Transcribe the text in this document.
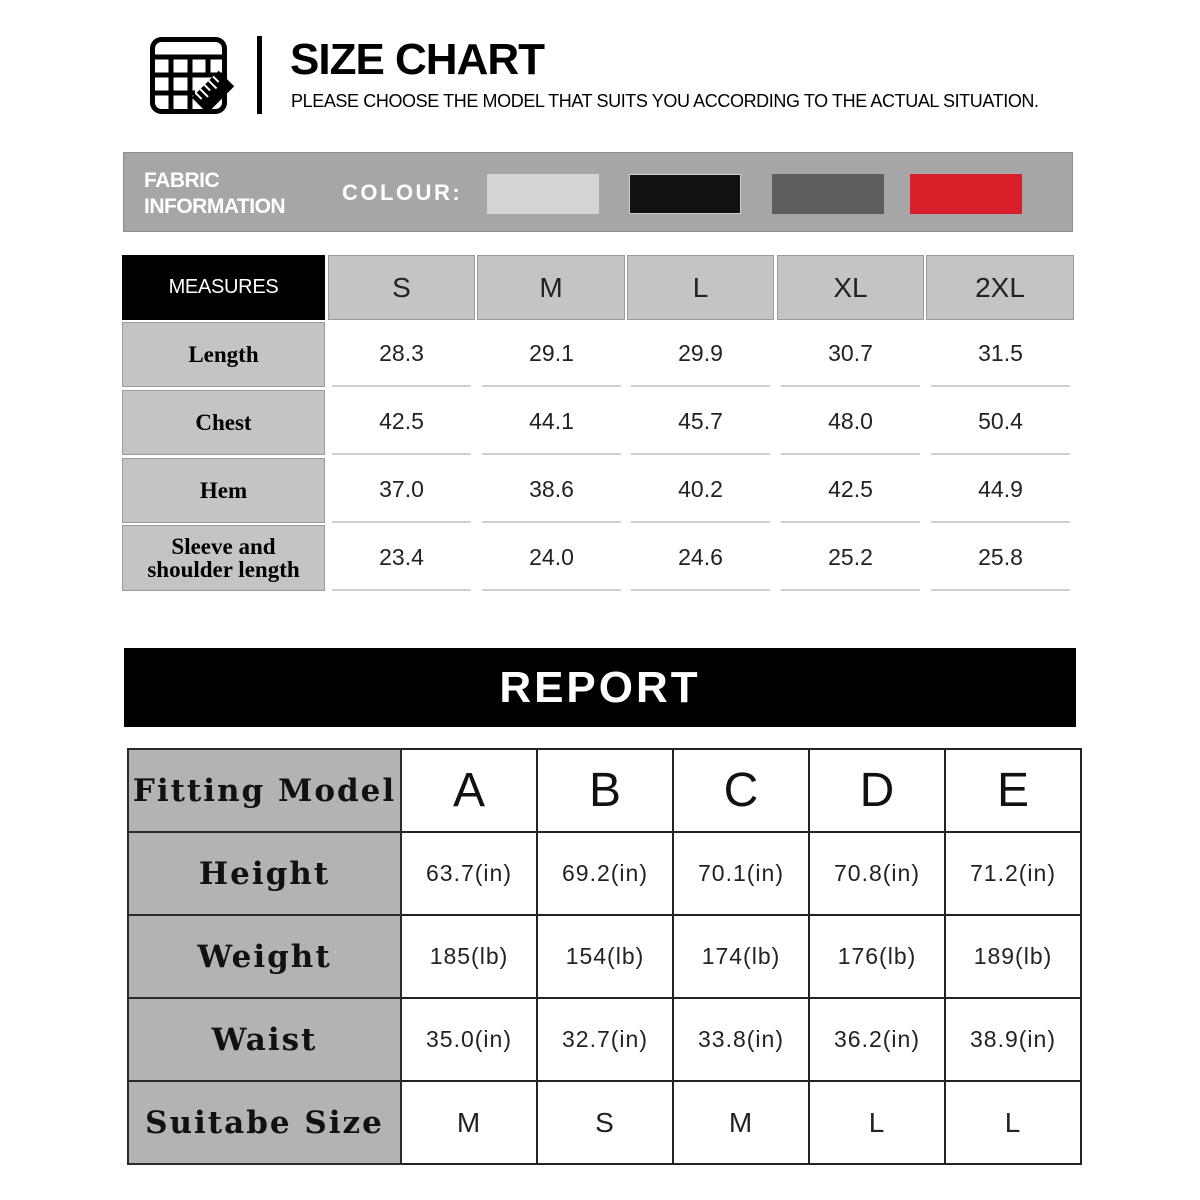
SIZE CHART
PLEASE CHOOSE THE MODEL THAT SUITS YOU ACCORDING TO THE ACTUAL SITUATION.
FABRIC INFORMATION
COLOUR:
MEASURES	S	M	L	XL	2XL
Length	28.3	29.1	29.9	30.7	31.5
Chest	42.5	44.1	45.7	48.0	50.4
Hem	37.0	38.6	40.2	42.5	44.9
Sleeve and shoulder length	23.4	24.0	24.6	25.2	25.8
REPORT
Fitting Model	A	B	C	D	E
Height	63.7(in)	69.2(in)	70.1(in)	70.8(in)	71.2(in)
Weight	185(lb)	154(lb)	174(lb)	176(lb)	189(lb)
Waist	35.0(in)	32.7(in)	33.8(in)	36.2(in)	38.9(in)
Suitabe Size	M	S	M	L	L
